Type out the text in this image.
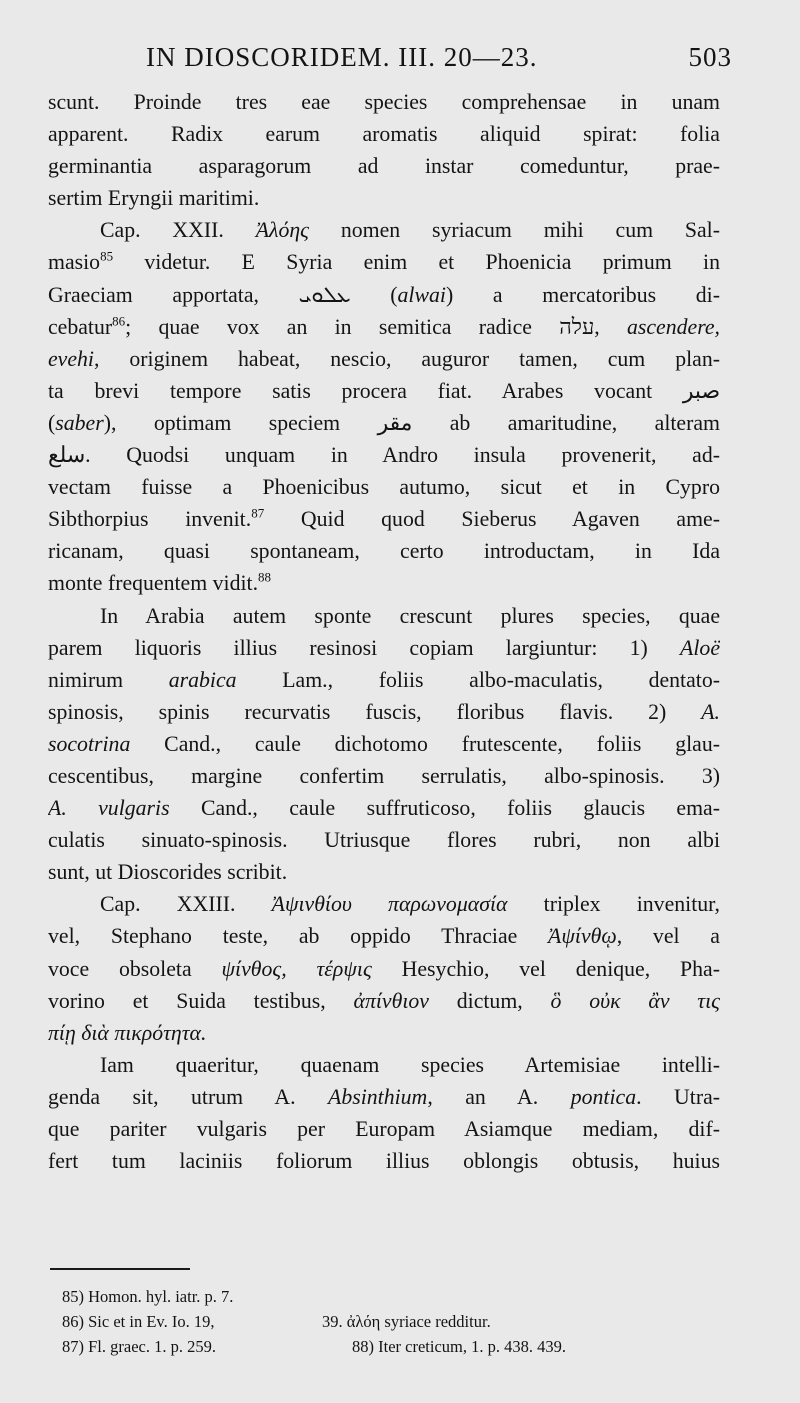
IN DIOSCORIDEM. III. 20—23.	503
scunt. Proinde tres eae species comprehensae in unam
apparent. Radix earum aromatis aliquid spirat: folia
germinantia asparagorum ad instar comeduntur, prae-
sertim Eryngii maritimi.
Cap. XXII. Ἀλόης nomen syriacum mihi cum Sal-
masio$^{85}$ videtur. E Syria enim et Phoenicia primum in
Graeciam apportata, ܥܠܘܝ (alwai) a mercatoribus di-
cebatur$^{86}$; quae vox an in semitica radice עלה, ascendere,
evehi, originem habeat, nescio, auguror tamen, cum plan-
ta brevi tempore satis procera fiat. Arabes vocant صبر
(saber), optimam speciem مقر ab amaritudine, alteram
سلع. Quodsi unquam in Andro insula provenerit, ad-
vectam fuisse a Phoenicibus autumo, sicut et in Cypro
Sibthorpius invenit.$^{87}$ Quid quod Sieberus Agaven ame-
ricanam, quasi spontaneam, certo introductam, in Ida
monte frequentem vidit.$^{88}$
In Arabia autem sponte crescunt plures species, quae
parem liquoris illius resinosi copiam largiuntur: 1) Aloë
nimirum arabica Lam., foliis albo-maculatis, dentato-
spinosis, spinis recurvatis fuscis, floribus flavis. 2) A.
socotrina Cand., caule dichotomo frutescente, foliis glau-
cescentibus, margine confertim serrulatis, albo-spinosis. 3)
A. vulgaris Cand., caule suffruticoso, foliis glaucis ema-
culatis sinuato-spinosis. Utriusque flores rubri, non albi
sunt, ut Dioscorides scribit.
Cap. XXIII. Ἀψινθίου παρωνομασία triplex invenitur,
vel, Stephano teste, ab oppido Thraciae Ἀψίνθῳ, vel a
voce obsoleta ψίνθος, τέρψις Hesychio, vel denique, Pha-
vorino et Suida testibus, ἀπίνθιον dictum, ὃ οὐκ ἂν τις
πίῃ διὰ πικρότητα.
Iam quaeritur, quaenam species Artemisiae intelli-
genda sit, utrum A. Absinthium, an A. pontica. Utra-
que pariter vulgaris per Europam Asiamque mediam, dif-
fert tum laciniis foliorum illius oblongis obtusis, huius
85) Homon. hyl. iatr. p. 7.
86) Sic et in Ev. Io. 19,	39. ἀλόη syriace redditur.
87) Fl. graec. 1. p. 259.	88) Iter creticum, 1. p. 438. 439.
